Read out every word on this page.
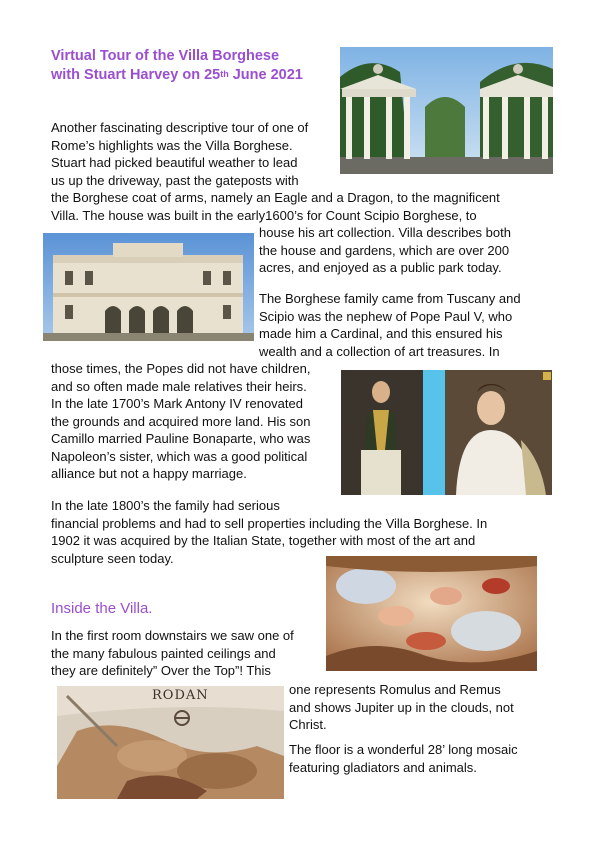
Virtual Tour of the Villa Borghese
with Stuart Harvey on 25th June 2021
Another fascinating descriptive tour of one of
Rome’s highlights was the Villa Borghese.
Stuart had picked beautiful weather to lead
us up the driveway, past the gateposts with
the Borghese coat of arms, namely an Eagle and a Dragon, to the magnificent
Villa. The house was built in the early1600’s for Count Scipio Borghese, to
house his art collection. Villa describes both
the house and gardens, which are over 200
acres, and enjoyed as a public park today.
The Borghese family came from Tuscany and
Scipio was the nephew of Pope Paul V, who
made him a Cardinal, and this ensured his
wealth and a collection of art treasures. In
those times, the Popes did not have children,
and so often made male relatives their heirs.
In the late 1700’s Mark Antony IV renovated
the grounds and acquired more land. His son
Camillo married Pauline Bonaparte, who was
Napoleon’s sister, which was a good political
alliance but not a happy marriage.
In the late 1800’s the family had serious
financial problems and had to sell properties including the Villa Borghese. In
1902 it was acquired by the Italian State, together with most of the art and
sculpture seen today.
Inside the Villa.
In the first room downstairs we saw one of
the many fabulous painted ceilings and
they are definitely” Over the Top”! This
one represents Romulus and Remus
and shows Jupiter up in the clouds, not
Christ.
RODAN
The floor is a wonderful 28’ long mosaic
featuring gladiators and animals.
